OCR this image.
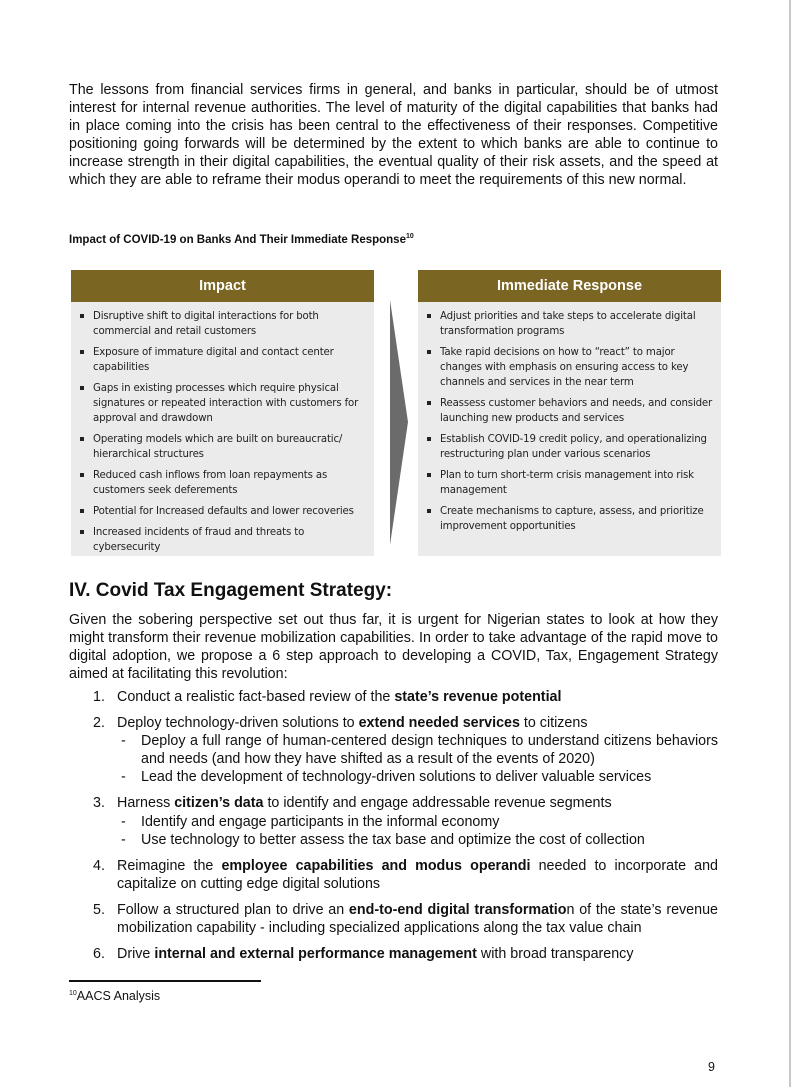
The lessons from financial services firms in general, and banks in particular, should be of utmost interest for internal revenue authorities. The level of maturity of the digital capabilities that banks had in place coming into the crisis has been central to the effectiveness of their responses. Competitive positioning going forwards will be determined by the extent to which banks are able to continue to increase strength in their digital capabilities, the eventual quality of their risk assets, and the speed at which they are able to reframe their modus operandi to meet the requirements of this new normal.

Impact of COVID-19 on Banks And Their Immediate Response$^{10}$

Impact
Disruptive shift to digital interactions for both commercial and retail customers
Exposure of immature digital and contact center capabilities
Gaps in existing processes which require physical signatures or repeated interaction with customers for approval and drawdown
Operating models which are built on bureaucratic/ hierarchical structures
Reduced cash inflows from loan repayments as customers seek deferements
Potential for Increased defaults and lower recoveries
Increased incidents of fraud and threats to cybersecurity
Immediate Response
Adjust priorities and take steps to accelerate digital transformation programs
Take rapid decisions on how to “react” to major changes with emphasis on ensuring access to key channels and services in the near term
Reassess customer behaviors and needs, and consider launching new products and services
Establish COVID-19 credit policy, and operationalizing restructuring plan under various scenarios
Plan to turn short-term crisis management into risk management
Create mechanisms to capture, assess, and prioritize improvement opportunities
IV. Covid Tax Engagement Strategy:

Given the sobering perspective set out thus far, it is urgent for Nigerian states to look at how they might transform their revenue mobilization capabilities. In order to take advantage of the rapid move to digital adoption, we propose a 6 step approach to developing a COVID, Tax, Engagement Strategy aimed at facilitating this revolution:

1. Conduct a realistic fact-based review of the state’s revenue potential
2. Deploy technology-driven solutions to extend needed services to citizens
- Deploy a full range of human-centered design techniques to understand citizens behaviors and needs (and how they have shifted as a result of the events of 2020)
- Lead the development of technology-driven solutions to deliver valuable services
3. Harness citizen’s data to identify and engage addressable revenue segments
- Identify and engage participants in the informal economy
- Use technology to better assess the tax base and optimize the cost of collection
4. Reimagine the employee capabilities and modus operandi needed to incorporate and capitalize on cutting edge digital solutions
5. Follow a structured plan to drive an end-to-end digital transformation of the state’s revenue mobilization capability - including specialized applications along the tax value chain
6. Drive internal and external performance management with broad transparency

$^{10}$AACS Analysis

9
